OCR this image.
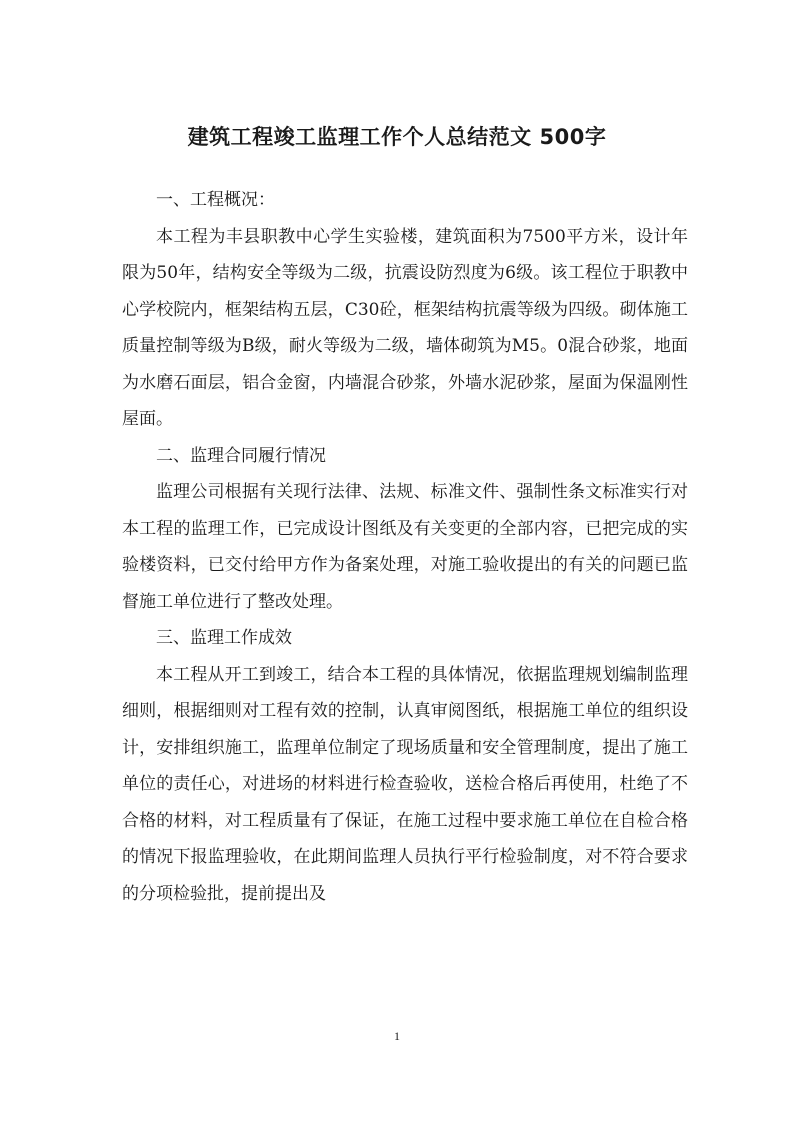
建筑工程竣工监理工作个人总结范文 500字

一、工程概况：

本工程为丰县职教中心学生实验楼，建筑面积为7500平方米，设计年限为50年，结构安全等级为二级，抗震设防烈度为6级。该工程位于职教中心学校院内，框架结构五层，C30砼，框架结构抗震等级为四级。砌体施工质量控制等级为B级，耐火等级为二级，墙体砌筑为M5。0混合砂浆，地面为水磨石面层，铝合金窗，内墙混合砂浆，外墙水泥砂浆，屋面为保温刚性屋面。

二、监理合同履行情况

监理公司根据有关现行法律、法规、标准文件、强制性条文标准实行对本工程的监理工作，已完成设计图纸及有关变更的全部内容，已把完成的实验楼资料，已交付给甲方作为备案处理，对施工验收提出的有关的问题已监督施工单位进行了整改处理。

三、监理工作成效

本工程从开工到竣工，结合本工程的具体情况，依据监理规划编制监理细则，根据细则对工程有效的控制，认真审阅图纸，根据施工单位的组织设计，安排组织施工，监理单位制定了现场质量和安全管理制度，提出了施工单位的责任心，对进场的材料进行检查验收，送检合格后再使用，杜绝了不合格的材料，对工程质量有了保证，在施工过程中要求施工单位在自检合格的情况下报监理验收，在此期间监理人员执行平行检验制度，对不符合要求的分项检验批，提前提出及

1
